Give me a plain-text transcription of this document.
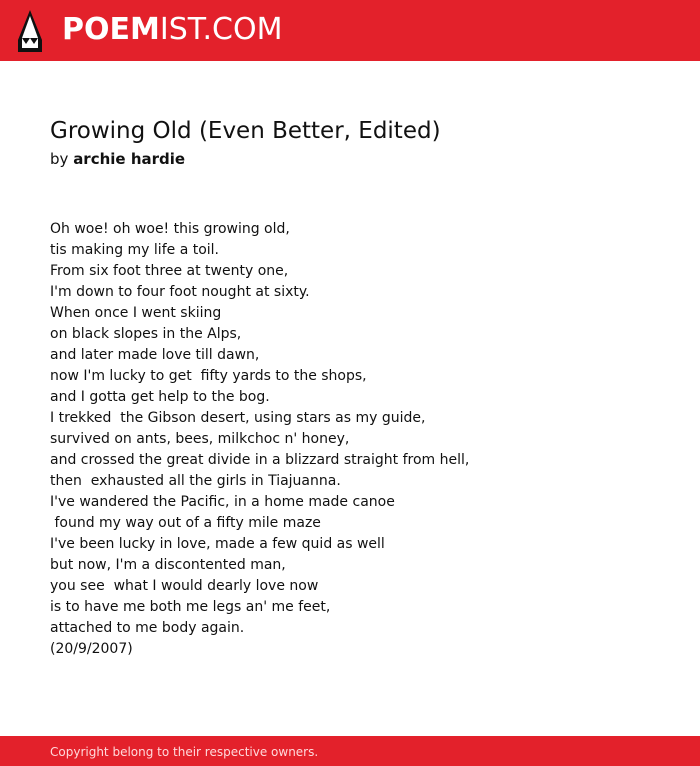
POEMIST.COM
Growing Old (Even Better, Edited)
by archie hardie
Oh woe! oh woe! this growing old,
tis making my life a toil.
From six foot three at twenty one,
I'm down to four foot nought at sixty.
When once I went skiing
on black slopes in the Alps,
and later made love till dawn,
now I'm lucky to get  fifty yards to the shops,
and I gotta get help to the bog.
I trekked  the Gibson desert, using stars as my guide,
survived on ants, bees, milkchoc n' honey,
and crossed the great divide in a blizzard straight from hell,
then  exhausted all the girls in Tiajuanna.
I've wandered the Pacific, in a home made canoe
found my way out of a fifty mile maze
I've been lucky in love, made a few quid as well
but now, I'm a discontented man,
you see  what I would dearly love now
is to have me both me legs an' me feet,
attached to me body again.
(20/9/2007)
Copyright belong to their respective owners.
